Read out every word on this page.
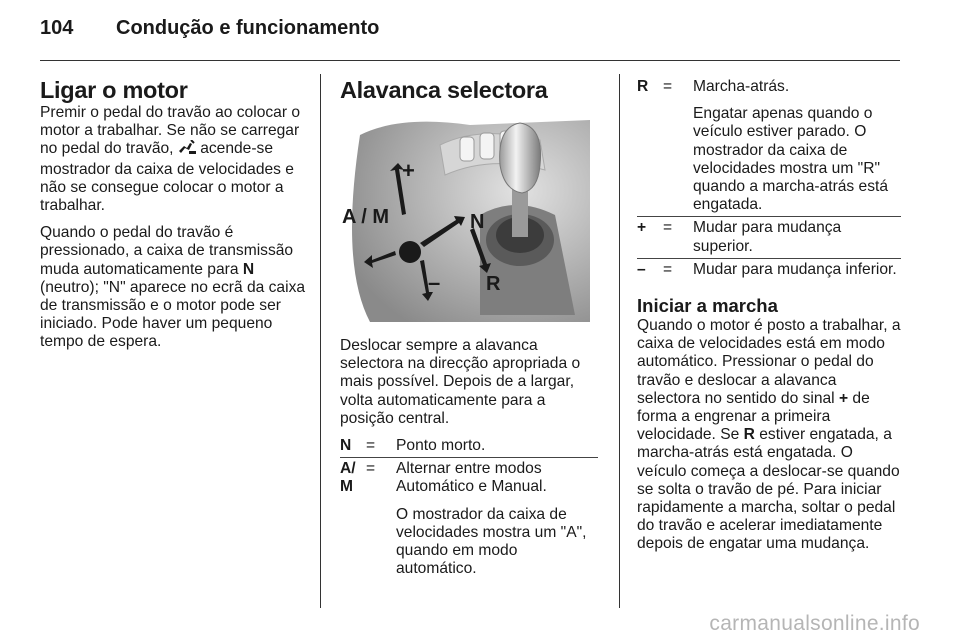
104 Condução e funcionamento
Ligar o motor

Premir o pedal do travão ao colocar o motor a trabalhar. Se não se carregar no pedal do travão,  acende-se mostrador da caixa de velocidades e não se consegue colocar o motor a trabalhar.

Quando o pedal do travão é pressionado, a caixa de transmissão muda automaticamente para N (neutro); "N" aparece no ecrã da caixa de transmissão e o motor pode ser iniciado. Pode haver um pequeno tempo de espera.

Alavanca selectora
+
A / M	N
– R

Deslocar sempre a alavanca selectora na direcção apropriada o mais possível. Depois de a largar, volta automaticamente para a posição central.

N	=	Ponto morto.
A/ M	=	Alternar entre modos Automático e Manual.

O mostrador da caixa de velocidades mostra um "A", quando em modo automático.

R	=	Marcha-atrás.

Engatar apenas quando o veículo estiver parado. O mostrador da caixa de velocidades mostra um "R" quando a marcha-atrás está engatada.

+	=	Mudar para mudança superior.
–	=	Mudar para mudança inferior.
Iniciar a marcha

Quando o motor é posto a trabalhar, a caixa de velocidades está em modo automático. Pressionar o pedal do travão e deslocar a alavanca selectora no sentido do sinal + de forma a engrenar a primeira velocidade. Se R estiver engatada, a marcha-atrás está engatada. O veículo começa a deslocar-se quando se solta o travão de pé. Para iniciar rapidamente a marcha, soltar o pedal do travão e acelerar imediatamente depois de engatar uma mudança.

carmanualsonline.info
